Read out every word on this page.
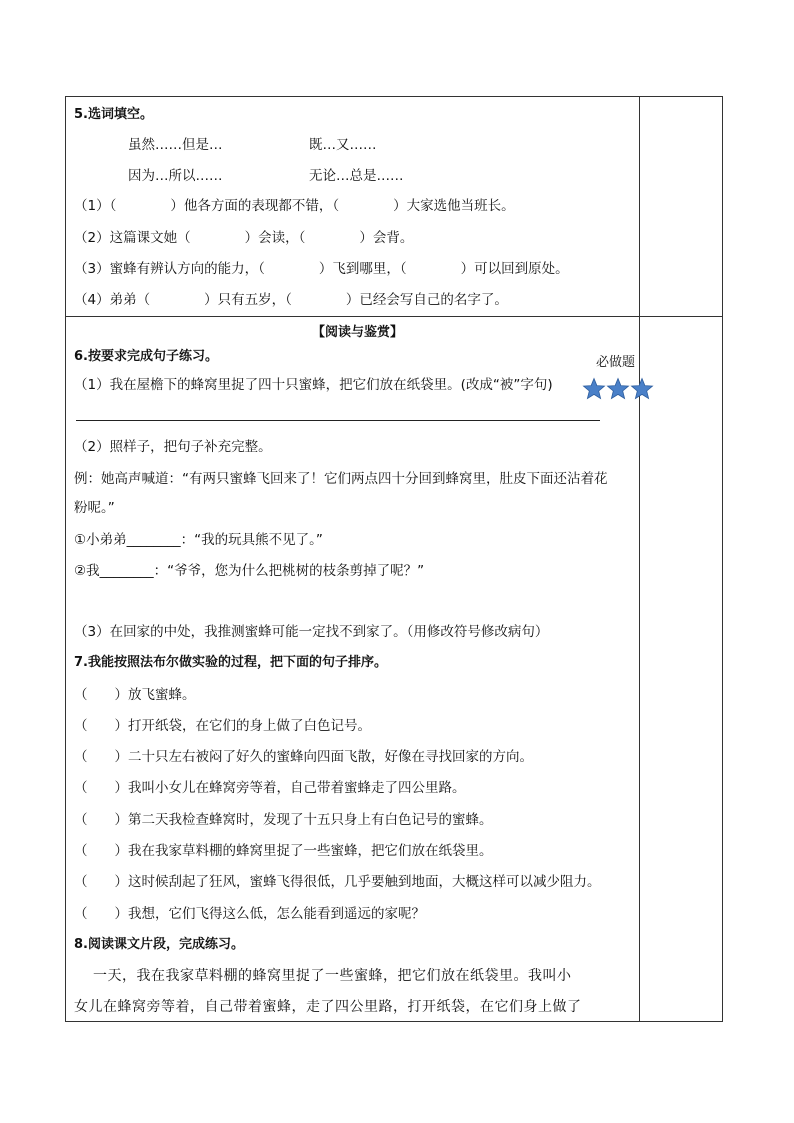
5.选词填空。
虽然……但是…	既…又……
因为…所以……	无论…总是……
（1）（　　　　）他各方面的表现都不错，（　　　　）大家选他当班长。
（2）这篇课文她（　　　　）会读，（　　　　）会背。
（3）蜜蜂有辨认方向的能力，（　　　　）飞到哪里，（　　　　）可以回到原处。
（4）弟弟（　　　　）只有五岁，（　　　　）已经会写自己的名字了。
【阅读与鉴赏】
6.按要求完成句子练习。
（1）我在屋檐下的蜂窝里捉了四十只蜜蜂，把它们放在纸袋里。(改成“被”字句)
（2）照样子，把句子补充完整。
例：她高声喊道：“有两只蜜蜂飞回来了！它们两点四十分回到蜂窝里，肚皮下面还沾着花
粉呢。”
①小弟弟________：“我的玩具熊不见了。”
②我________：“爷爷，您为什么把桃树的枝条剪掉了呢？”
（3）在回家的中处，我推测蜜蜂可能一定找不到家了。（用修改符号修改病句）
7.我能按照法布尔做实验的过程，把下面的句子排序。
（　　）放飞蜜蜂。
（　　）打开纸袋，在它们的身上做了白色记号。
（　　）二十只左右被闷了好久的蜜蜂向四面飞散，好像在寻找回家的方向。
（　　）我叫小女儿在蜂窝旁等着，自己带着蜜蜂走了四公里路。
（　　）第二天我检查蜂窝时，发现了十五只身上有白色记号的蜜蜂。
（　　）我在我家草料棚的蜂窝里捉了一些蜜蜂，把它们放在纸袋里。
（　　）这时候刮起了狂风，蜜蜂飞得很低，几乎要触到地面，大概这样可以减少阻力。
（　　）我想，它们飞得这么低，怎么能看到遥远的家呢？
8.阅读课文片段，完成练习。
一天，我在我家草料棚的蜂窝里捉了一些蜜蜂，把它们放在纸袋里。我叫小
女儿在蜂窝旁等着，自己带着蜜蜂，走了四公里路，打开纸袋，在它们身上做了
必做题
